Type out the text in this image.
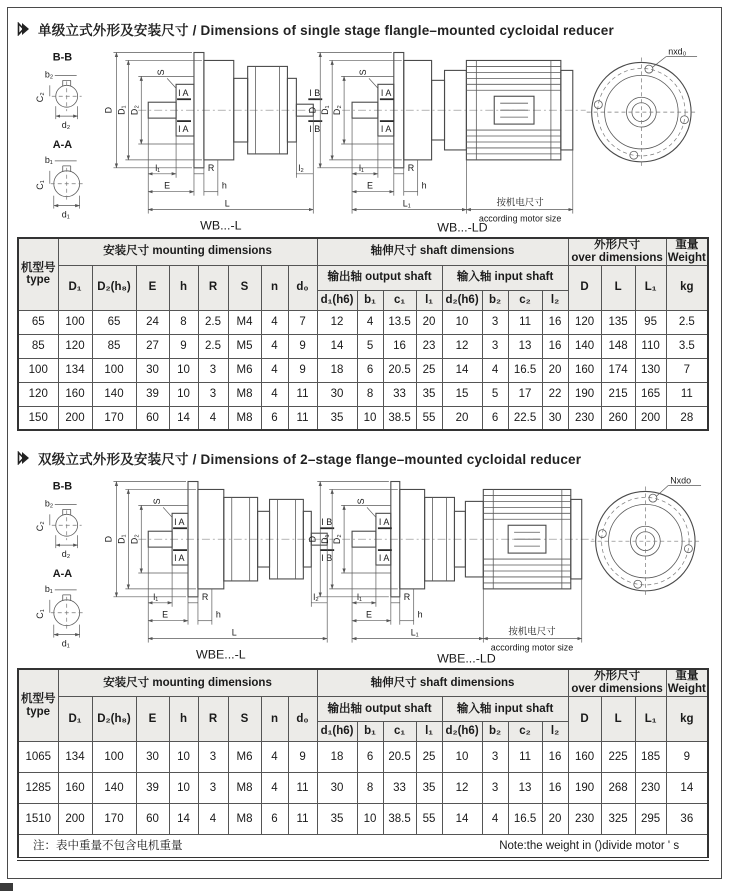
单级立式外形及安装尺寸 / Dimensions of single stage flangle–mounted cycloidal reducer
B-B
b₂
C₂
d₂
A-A
b₁
C₁
d₁
D D₁ D₂
S
I A
I A
I B
I B
l₁	R
E	h
L
l₂
WB...-L
D D₁ D₂
S
I A
I A
l₁	R
E	h
L₁	按机电尺寸
according motor size
WB...-LD
nxd₀
机型号
type
	安装尺寸 mounting dimensions	轴伸尺寸 shaft dimensions	
外形尺寸
over dimensions

重量
Weight

	D₁	D₂(h₈)	E	h	R	S	n	d₀	输出轴 output shaft				输入轴 input shaft				D	L	L₁	kg
									d₁(h6)	b₁	c₁	l₁	d₂(h6)	b₂	c₂	l₂				
65	100	65	24	8	2.5	M4	4	7	12	4	13.5	20	10	3	11	16	120	135	95	2.5
85	120	85	27	9	2.5	M5	4	9	14	5	16	23	12	3	13	16	140	148	110	3.5
100	134	100	30	10	3	M6	4	9	18	6	20.5	25	14	4	16.5	20	160	174	130	7
120	160	140	39	10	3	M8	4	11	30	8	33	35	15	5	17	22	190	215	165	11
150	200	170	60	14	4	M8	6	11	35	10	38.5	55	20	6	22.5	30	230	260	200	28
双级立式外形及安装尺寸 / Dimensions of 2–stage flange–mounted cycloidal reducer
B-B
b₂
C₂
d₂
A-A
b₁
C₁
d₁
D D₁ D₂
S
I A
I A
I B
I B
l₁	R
E	h
L
l₂
WBE...-L
D D₁ D₂
S
I A
I A
l₁	R
E	h
L₁	按机电尺寸
according motor size
WBE...-LD
Nxdo
机型号
type
	安装尺寸 mounting dimensions	轴伸尺寸 shaft dimensions	
外形尺寸
over dimensions

重量
Weight

	D₁	D₂(h₈)	E	h	R	S	n	d₀	输出轴 output shaft				输入轴 input shaft				D	L	L₁	kg
									d₁(h6)	b₁	c₁	l₁	d₂(h6)	b₂	c₂	l₂				
1065	134	100	30	10	3	M6	4	9	18	6	20.5	25	10	3	11	16	160	225	185	9
1285	160	140	39	10	3	M8	4	11	30	8	33	35	12	3	13	16	190	268	230	14
1510	200	170	60	14	4	M8	6	11	35	10	38.5	55	14	4	16.5	20	230	325	295	36

注：表中重量不包含电机重量 Note:the weight in ()divide motor ' s																				
